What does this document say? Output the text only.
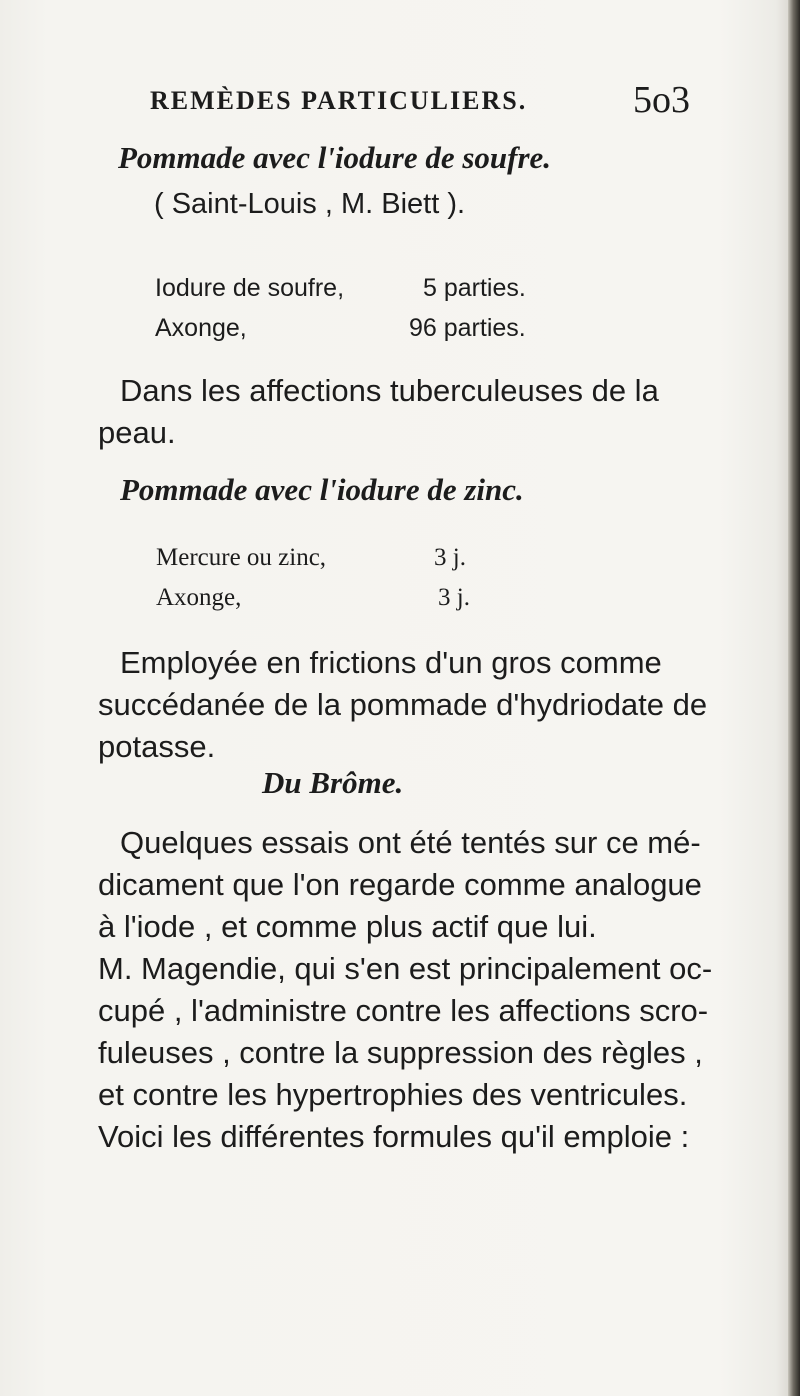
REMÈDES PARTICULIERS.	5o3
Pommade avec l'iodure de soufre.
( Saint-Louis , M. Biett ).
Iodure de soufre,	5 parties.
Axonge,	96 parties.
Dans les affections tuberculeuses de la
peau.
Pommade avec l'iodure de zinc.
Mercure ou zinc,	3 j.
Axonge,	3 j.
Employée en frictions d'un gros comme
succédanée de la pommade d'hydriodate de
potasse.
Du Brôme.
Quelques essais ont été tentés sur ce mé-
dicament que l'on regarde comme analogue
à l'iode , et comme plus actif que lui.
M. Magendie, qui s'en est principalement oc-
cupé , l'administre contre les affections scro-
fuleuses , contre la suppression des règles ,
et contre les hypertrophies des ventricules.
Voici les différentes formules qu'il emploie :
